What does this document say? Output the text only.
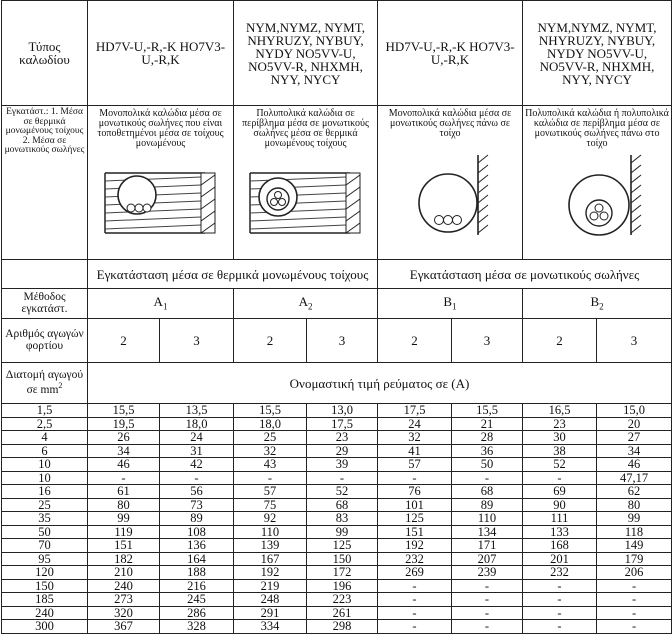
Τύπος καλωδίου	HD7V-U,-R,-K HO7V3-U,-R,K		NYM,NYMZ, NYMT, NHYRUZY, NYBUY, NYDY NO5VV-U, NO5VV-R, NHXMH, NYY, NYCY		HD7V-U,-R,-K HO7V3-U,-R,K		NYM,NYMZ, NYMT, NHYRUZY, NYBUY, NYDY NO5VV-U, NO5VV-R, NHXMH, NYY, NYCY	
Εγκατάστ.: 1. Μέσα σε θερμικά μονωμένους τοίχους 2. Μέσα σε μονωτικούς σωλήνες	Μονοπολικά καλώδια μέσα σε μονωτικούς σωλήνες που είναι τοποθετημένοι μέσα σε τοίχους μονωμένους		Πολυπολικά καλώδια σε περίβλημα μέσα σε μονωτικούς σωλήνες μέσα σε θερμικά μονωμένους τοίχους		Μονοπολικά καλώδια μέσα σε μονωτικούς σωλήνες πάνω σε τοίχο		Πολυπολικά καλώδια ή πολυπολικά καλώδια σε περίβλημα μέσα σε μονωτικούς σωλήνες πάνω στο τοίχο	

	Εγκατάσταση μέσα σε θερμικά μονωμένους τοίχους				Εγκατάσταση μέσα σε μονωτικούς σωλήνες			
Μέθοδος εγκατάστ.	$A_1$		$A_2$		$B_1$		$B_2$
Αριθμός αγωγών φορτίου	2	3	2	3	2	3	2	3
Διατομή αγωγού σε $mm^2$	Ονομαστική τιμή ρεύματος σε (A)							
1,5	15,5	13,5	15,5	13,0	17,5	15,5	16,5	15,0
2,5	19,5	18,0	18,0	17,5	24	21	23	20
4	26	24	25	23	32	28	30	27
6	34	31	32	29	41	36	38	34
10	46	42	43	39	57	50	52	46
10	-	-	-	-	-	-	-	47,17
16	61	56	57	52	76	68	69	62
25	80	73	75	68	101	89	90	80
35	99	89	92	83	125	110	111	99
50	119	108	110	99	151	134	133	118
70	151	136	139	125	192	171	168	149
95	182	164	167	150	232	207	201	179
120	210	188	192	172	269	239	232	206
150	240	216	219	196	-	-	-	-
185	273	245	248	223	-	-	-	-
240	320	286	291	261	-	-	-	-
300	367	328	334	298	-	-	-	-
